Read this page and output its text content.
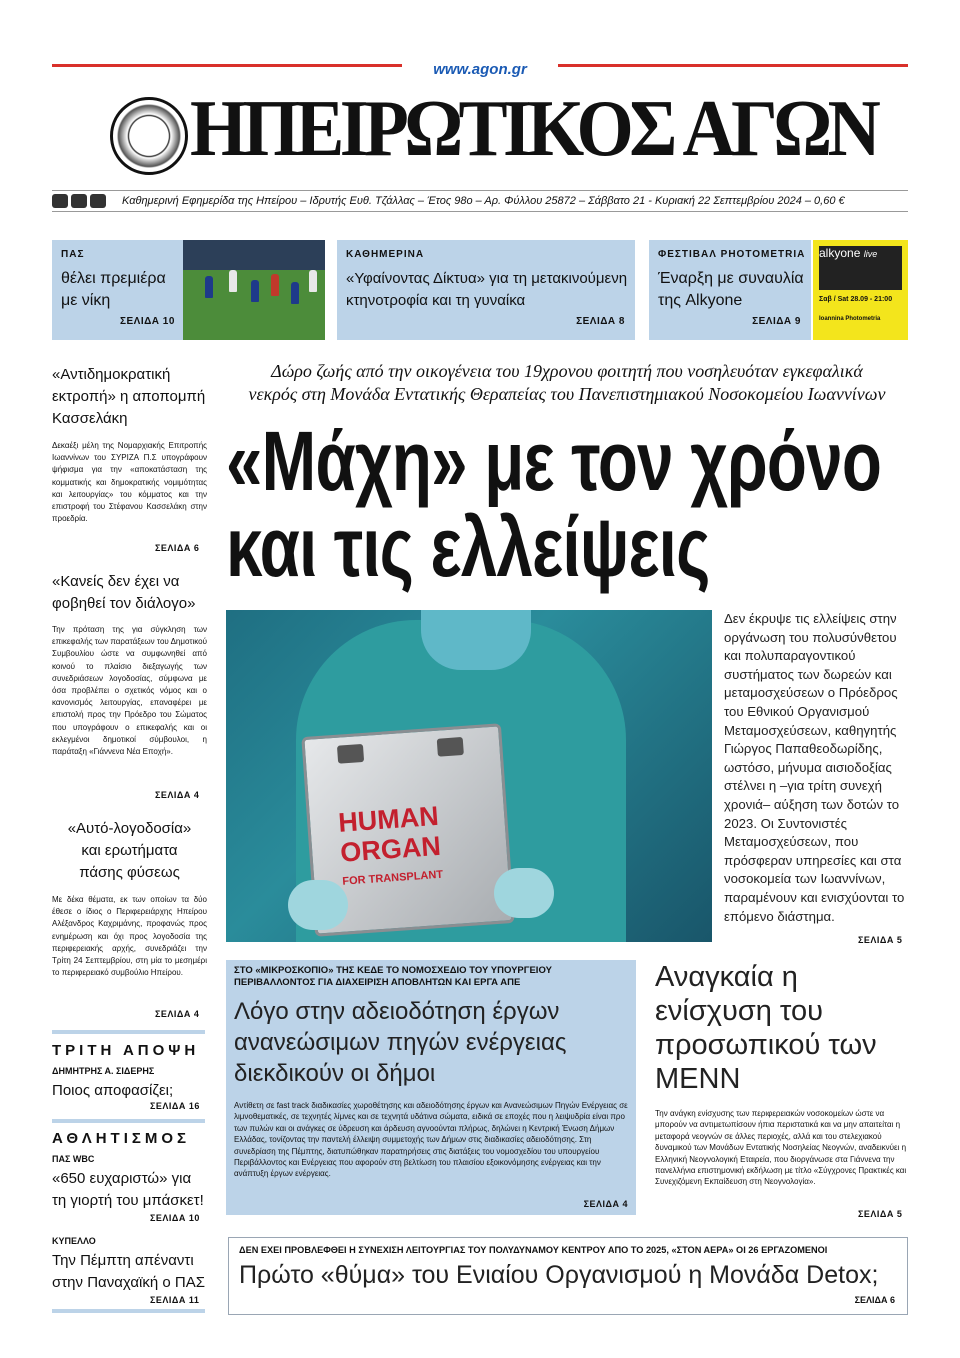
www.agon.gr
ΗΠΕΙΡΩΤΙΚΟΣ ΑΓΩΝ
Καθημερινή Εφημερίδα της Ηπείρου – Ιδρυτής Ευθ. Τζάλλας – Έτος 98ο – Αρ. Φύλλου 25872 – Σάββατο 21 - Κυριακή 22 Σεπτεμβρίου 2024 – 0,60 €
ΠΑΣ
θέλει πρεμιέρα
με νίκη
ΣΕΛΙΔΑ 10
ΚΑΘΗΜΕΡΙΝΑ
«Υφαίνοντας Δίκτυα» για τη μετακινούμενη
κτηνοτροφία και τη γυναίκα
ΣΕΛΙΔΑ 8
ΦΕΣΤΙΒΑΛ PHOTOMETRIA
Έναρξη με συναυλία
της Alkyone
ΣΕΛΙΔΑ 9
alkyone live
Σαβ / Sat 28.09 - 21:00
Ioannina Photometria
«Αντιδημοκρατική
εκτροπή» η αποπομπή
Κασσελάκη
Δεκαέξι μέλη της Νομαρχιακής Επιτροπής Ιωαννίνων του ΣΥΡΙΖΑ Π.Σ υπογράφουν ψήφισμα για την «αποκατάσταση της κομματικής και δημοκρατικής νομιμότητας και λειτουργίας» του κόμματος και την επιστροφή του Στέφανου Κασσελάκη στην προεδρία.
ΣΕΛΙΔΑ 6
«Κανείς δεν έχει να
φοβηθεί τον διάλογο»
Την πρόταση της για σύγκληση των επικεφαλής των παρατάξεων του Δημοτικού Συμβουλίου ώστε να συμφωνηθεί από κοινού το πλαίσιο διεξαγωγής των συνεδριάσεων λογοδοσίας, σύμφωνα με όσα προβλέπει ο σχετικός νόμος και ο κανονισμός λειτουργίας, επαναφέρει με επιστολή προς την Πρόεδρο του Σώματος που υπογράφουν ο επικεφαλής και οι εκλεγμένοι δημοτικοί σύμβουλοι, η παράταξη «Γιάννενα Νέα Εποχή».
ΣΕΛΙΔΑ 4
«Αυτό-λογοδοσία»
και ερωτήματα
πάσης φύσεως
Με δέκα θέματα, εκ των οποίων τα δύο έθεσε ο ίδιος ο Περιφερειάρχης Ηπείρου Αλέξανδρος Καχριμάνης, προφανώς προς ενημέρωση και όχι προς λογοδοσία της περιφερειακής αρχής, συνεδριάζει την Τρίτη 24 Σεπτεμβρίου, στη μία το μεσημέρι το περιφερειακό συμβούλιο Ηπείρου.
ΣΕΛΙΔΑ 4
ΤΡΙΤΗ ΑΠΟΨΗ
ΔΗΜΗΤΡΗΣ Α. ΣΙΔΕΡΗΣ
Ποιος αποφασίζει;
ΣΕΛΙΔΑ 16
ΑΘΛΗΤΙΣΜΟΣ
ΠΑΣ WBC
«650 ευχαριστώ» για
τη γιορτή του μπάσκετ!
ΣΕΛΙΔΑ 10
ΚΥΠΕΛΛΟ
Την Πέμπτη απέναντι
στην Παναχαϊκή ο ΠΑΣ
ΣΕΛΙΔΑ 11
Δώρο ζωής από την οικογένεια του 19χρονου φοιτητή που νοσηλευόταν εγκεφαλικά
νεκρός στη Μονάδα Εντατικής Θεραπείας του Πανεπιστημιακού Νοσοκομείου Ιωαννίνων
«Μάχη» με τον χρόνο
και τις ελλείψεις
HUMAN
ORGAN
FOR TRANSPLANT
Δεν έκρυψε τις ελλείψεις στην οργάνωση του πολυσύνθετου και πολυπαραγοντικού συστήματος των δωρεών και μεταμοσχεύσεων ο Πρόεδρος του Εθνικού Οργανισμού Μεταμοσχεύσεων, καθηγητής Γιώργος Παπαθεοδωρίδης, ωστόσο, μήνυμα αισιοδοξίας στέλνει η –για τρίτη συνεχή χρονιά– αύξηση των δοτών το 2023. Οι Συντονιστές Μεταμοσχεύσεων, που πρόσφεραν υπηρεσίες και στα νοσοκομεία των Ιωαννίνων, παραμένουν και ενισχύονται το επόμενο διάστημα.
ΣΕΛΙΔΑ 5
ΣΤΟ «ΜΙΚΡΟΣΚΟΠΙΟ» ΤΗΣ ΚΕΔΕ ΤΟ ΝΟΜΟΣΧΕΔΙΟ ΤΟΥ ΥΠΟΥΡΓΕΙΟΥ
ΠΕΡΙΒΑΛΛΟΝΤΟΣ ΓΙΑ ΔΙΑΧΕΙΡΙΣΗ ΑΠΟΒΛΗΤΩΝ ΚΑΙ ΕΡΓΑ ΑΠΕ
Λόγο στην αδειοδότηση έργων ανανεώσιμων πηγών ενέργειας διεκδικούν οι δήμοι
Αντίθετη σε fast track διαδικασίες χωροθέτησης και αδειοδότησης έργων και Ανανεώσιμων Πηγών Ενέργειας σε λιμνοθεματικές, σε τεχνητές λίμνες και σε τεχνητά υδάτινα σώματα, ειδικά σε εποχές που η λειψυδρία είναι προ των πυλών και οι ανάγκες σε ύδρευση και άρδευση αγνοούνται πλήρως, δηλώνει η Κεντρική Ένωση Δήμων Ελλάδας, τονίζοντας την παντελή έλλειψη συμμετοχής των Δήμων στις διαδικασίες αδειοδότησης. Στη συνεδρίαση της Πέμπτης, διατυπώθηκαν παρατηρήσεις στις διατάξεις του νομοσχεδίου του υπουργείου Περιβάλλοντος και Ενέργειας που αφορούν στη βελτίωση του πλαισίου εξοικονόμησης ενέργειας και την ανάπτυξη έργων ενέργειας.
ΣΕΛΙΔΑ 4
Αναγκαία η ενίσχυση του προσωπικού των ΜΕΝΝ
Την ανάγκη ενίσχυσης των περιφερειακών νοσοκομείων ώστε να μπορούν να αντιμετωπίσουν ήπια περιστατικά και να μην απαιτείται η μεταφορά νεογνών σε άλλες περιοχές, αλλά και του στελεχιακού δυναμικού των Μονάδων Εντατικής Νοσηλείας Νεογνών, αναδεικνύει η Ελληνική Νεογνολογική Εταιρεία, που διοργάνωσε στα Γιάννενα την πανελλήνια επιστημονική εκδήλωση με τίτλο «Σύγχρονες Πρακτικές και Συνεχιζόμενη Εκπαίδευση στη Νεογνολογία».
ΣΕΛΙΔΑ 5
ΔΕΝ ΕΧΕΙ ΠΡΟΒΛΕΦΘΕΙ Η ΣΥΝΕΧΙΣΗ ΛΕΙΤΟΥΡΓΙΑΣ ΤΟΥ ΠΟΛΥΔΥΝΑΜΟΥ ΚΕΝΤΡΟΥ ΑΠΟ ΤΟ 2025, «ΣΤΟΝ ΑΕΡΑ» ΟΙ 26 ΕΡΓΑΖΟΜΕΝΟΙ
Πρώτο «θύμα» του Ενιαίου Οργανισμού η Μονάδα Detox;
ΣΕΛΙΔΑ 6
